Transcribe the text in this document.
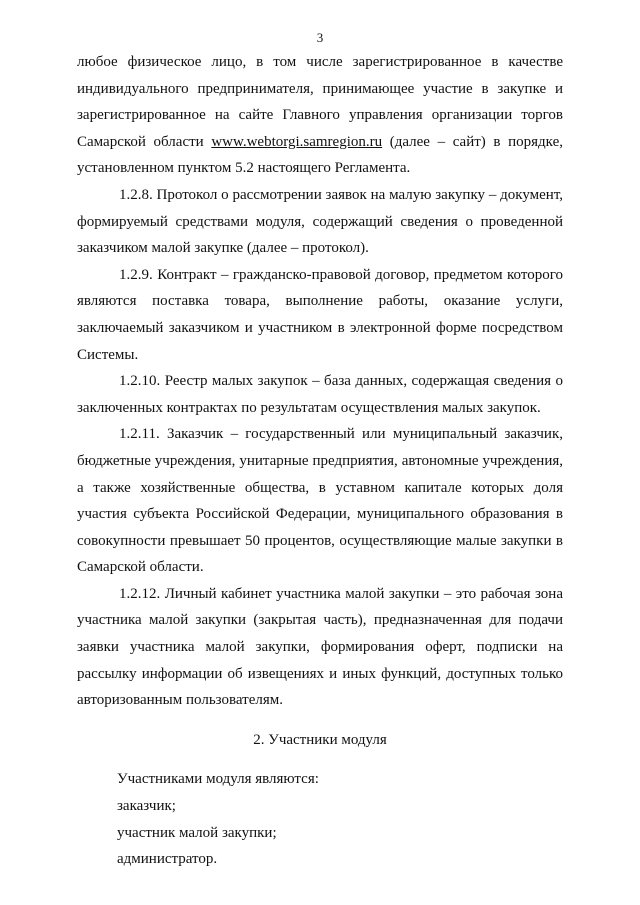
3

любое физическое лицо, в том числе зарегистрированное в качестве индивидуального предпринимателя, принимающее участие в закупке и зарегистрированное на сайте Главного управления организации торгов Самарской области www.webtorgi.samregion.ru (далее – сайт) в порядке, установленном пунктом 5.2 настоящего Регламента.

1.2.8. Протокол о рассмотрении заявок на малую закупку – документ, формируемый средствами модуля, содержащий сведения о проведенной заказчиком малой закупке (далее – протокол).

1.2.9. Контракт – гражданско-правовой договор, предметом которого являются поставка товара, выполнение работы, оказание услуги, заключаемый заказчиком и участником в электронной форме посредством Системы.

1.2.10. Реестр малых закупок – база данных, содержащая сведения о заключенных контрактах по результатам осуществления малых закупок.

1.2.11. Заказчик – государственный или муниципальный заказчик, бюджетные учреждения, унитарные предприятия, автономные учреждения, а также хозяйственные общества, в уставном капитале которых доля участия субъекта Российской Федерации, муниципального образования в совокупности превышает 50 процентов, осуществляющие малые закупки в Самарской области.

1.2.12. Личный кабинет участника малой закупки – это рабочая зона участника малой закупки (закрытая часть), предназначенная для подачи заявки участника малой закупки, формирования оферт, подписки на рассылку информации об извещениях и иных функций, доступных только авторизованным пользователям.

2. Участники модуля
Участниками модуля являются:
заказчик;
участник малой закупки;
администратор.
